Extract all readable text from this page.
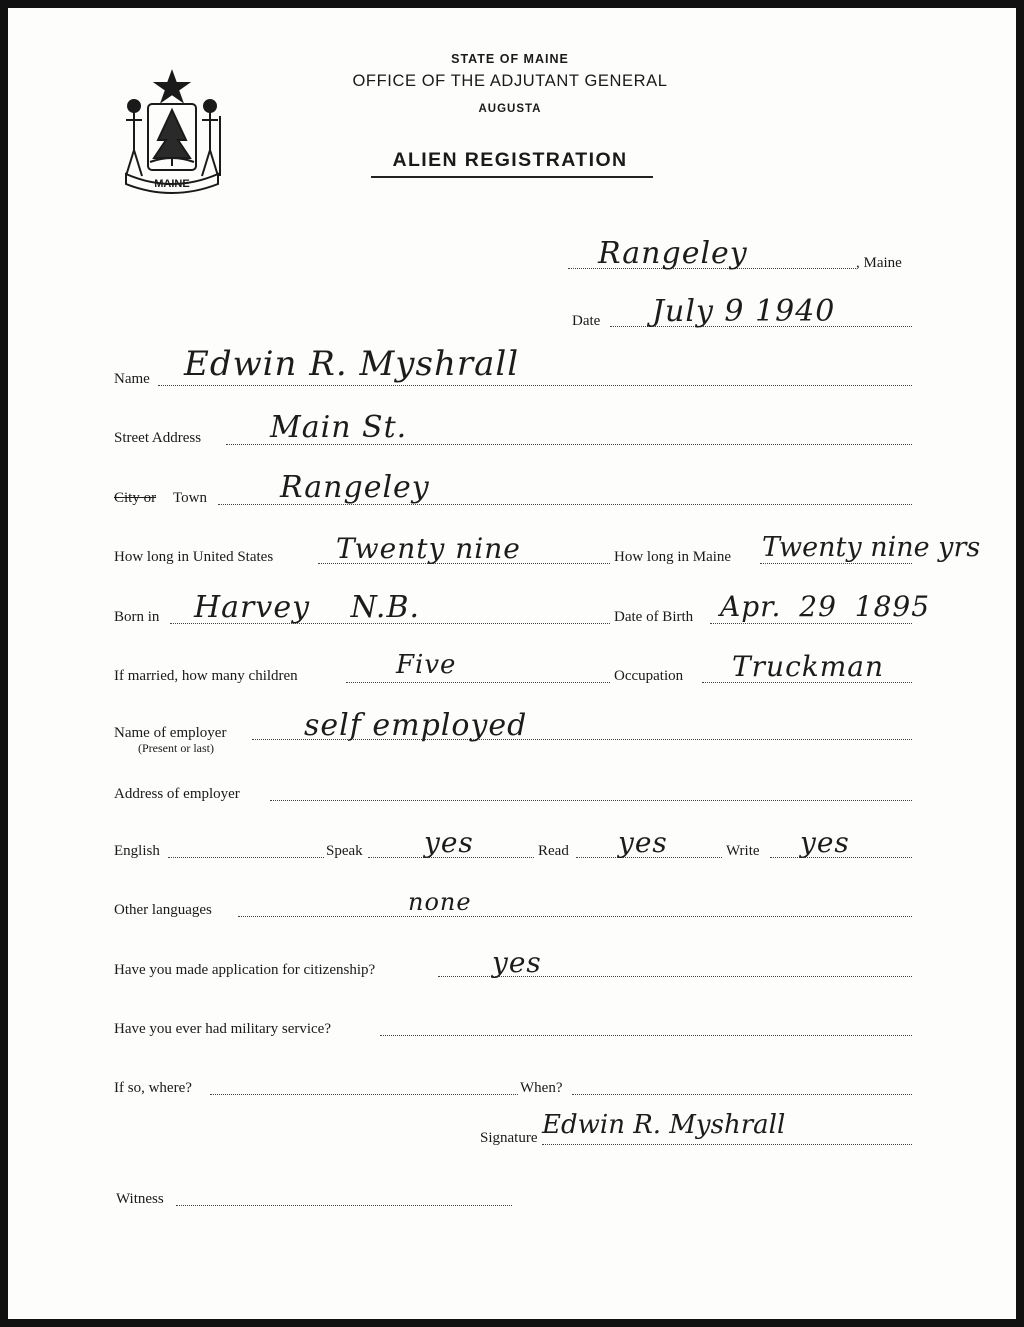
MAINE
STATE OF MAINE
OFFICE OF THE ADJUTANT GENERAL
AUGUSTA
ALIEN REGISTRATION
Rangeley	, Maine
Date July 9 1940
Name Edwin R. Myshrall
Street Address Main St.
City or Town Rangeley
How long in United States Twenty nine	How long in Maine Twenty nine yrs
Born in Harvey N.B.	Date of Birth Apr. 29 1895
If married, how many children	Five	Occupation Truckman
Name of employer
(Present or last)
self employed
Address of employer
English	Speak yes	Read yes	Write yes
Other languages	none
Have you made application for citizenship?	yes
Have you ever had military service?
If so, where?	When?
Signature Edwin R. Myshrall
Witness
